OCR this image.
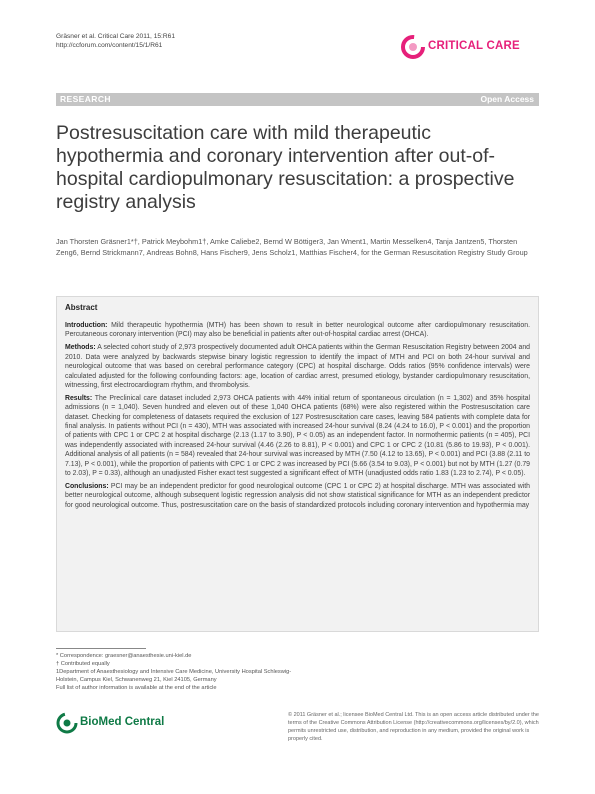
Gräsner et al. Critical Care 2011, 15:R61
http://ccforum.com/content/15/1/R61	CRITICAL CARE
RESEARCH	Open Access
Postresuscitation care with mild therapeutic hypothermia and coronary intervention after out-of-hospital cardiopulmonary resuscitation: a prospective registry analysis
Jan Thorsten Gräsner1*†, Patrick Meybohm1†, Amke Caliebe2, Bernd W Böttiger3, Jan Wnent1, Martin Messelken4, Tanja Jantzen5, Thorsten Zeng6, Bernd Strickmann7, Andreas Bohn8, Hans Fischer9, Jens Scholz1, Matthias Fischer4, for the German Resuscitation Registry Study Group
Abstract

Introduction: Mild therapeutic hypothermia (MTH) has been shown to result in better neurological outcome after cardiopulmonary resuscitation. Percutaneous coronary intervention (PCI) may also be beneficial in patients after out-of-hospital cardiac arrest (OHCA).

Methods: A selected cohort study of 2,973 prospectively documented adult OHCA patients within the German Resuscitation Registry between 2004 and 2010. Data were analyzed by backwards stepwise binary logistic regression to identify the impact of MTH and PCI on both 24-hour survival and neurological outcome that was based on cerebral performance category (CPC) at hospital discharge. Odds ratios (95% confidence intervals) were calculated adjusted for the following confounding factors: age, location of cardiac arrest, presumed etiology, bystander cardiopulmonary resuscitation, witnessing, first electrocardiogram rhythm, and thrombolysis.

Results: The Preclinical care dataset included 2,973 OHCA patients with 44% initial return of spontaneous circulation (n = 1,302) and 35% hospital admissions (n = 1,040). Seven hundred and eleven out of these 1,040 OHCA patients (68%) were also registered within the Postresuscitation care dataset. Checking for completeness of datasets required the exclusion of 127 Postresuscitation care cases, leaving 584 patients with complete data for final analysis. In patients without PCI (n = 430), MTH was associated with increased 24-hour survival (8.24 (4.24 to 16.0), P < 0.001) and the proportion of patients with CPC 1 or CPC 2 at hospital discharge (2.13 (1.17 to 3.90), P < 0.05) as an independent factor. In normothermic patients (n = 405), PCI was independently associated with increased 24-hour survival (4.46 (2.26 to 8.81), P < 0.001) and CPC 1 or CPC 2 (10.81 (5.86 to 19.93), P < 0.001). Additional analysis of all patients (n = 584) revealed that 24-hour survival was increased by MTH (7.50 (4.12 to 13.65), P < 0.001) and PCI (3.88 (2.11 to 7.13), P < 0.001), while the proportion of patients with CPC 1 or CPC 2 was increased by PCI (5.66 (3.54 to 9.03), P < 0.001) but not by MTH (1.27 (0.79 to 2.03), P = 0.33), although an unadjusted Fisher exact test suggested a significant effect of MTH (unadjusted odds ratio 1.83 (1.23 to 2.74), P < 0.05).

Conclusions: PCI may be an independent predictor for good neurological outcome (CPC 1 or CPC 2) at hospital discharge. MTH was associated with better neurological outcome, although subsequent logistic regression analysis did not show statistical significance for MTH as an independent predictor for good neurological outcome. Thus, postresuscitation care on the basis of standardized protocols including coronary intervention and hypothermia may

* Correspondence: graesner@anaesthesie.uni-kiel.de
† Contributed equally
1Department of Anaesthesiology and Intensive Care Medicine, University Hospital Schleswig-Holstein, Campus Kiel, Schwanenweg 21, Kiel 24105, Germany
Full list of author information is available at the end of the article
BioMed Central
© 2011 Gräsner et al.; licensee BioMed Central Ltd. This is an open access article distributed under the terms of the Creative Commons Attribution License (http://creativecommons.org/licenses/by/2.0), which permits unrestricted use, distribution, and reproduction in any medium, provided the original work is properly cited.
